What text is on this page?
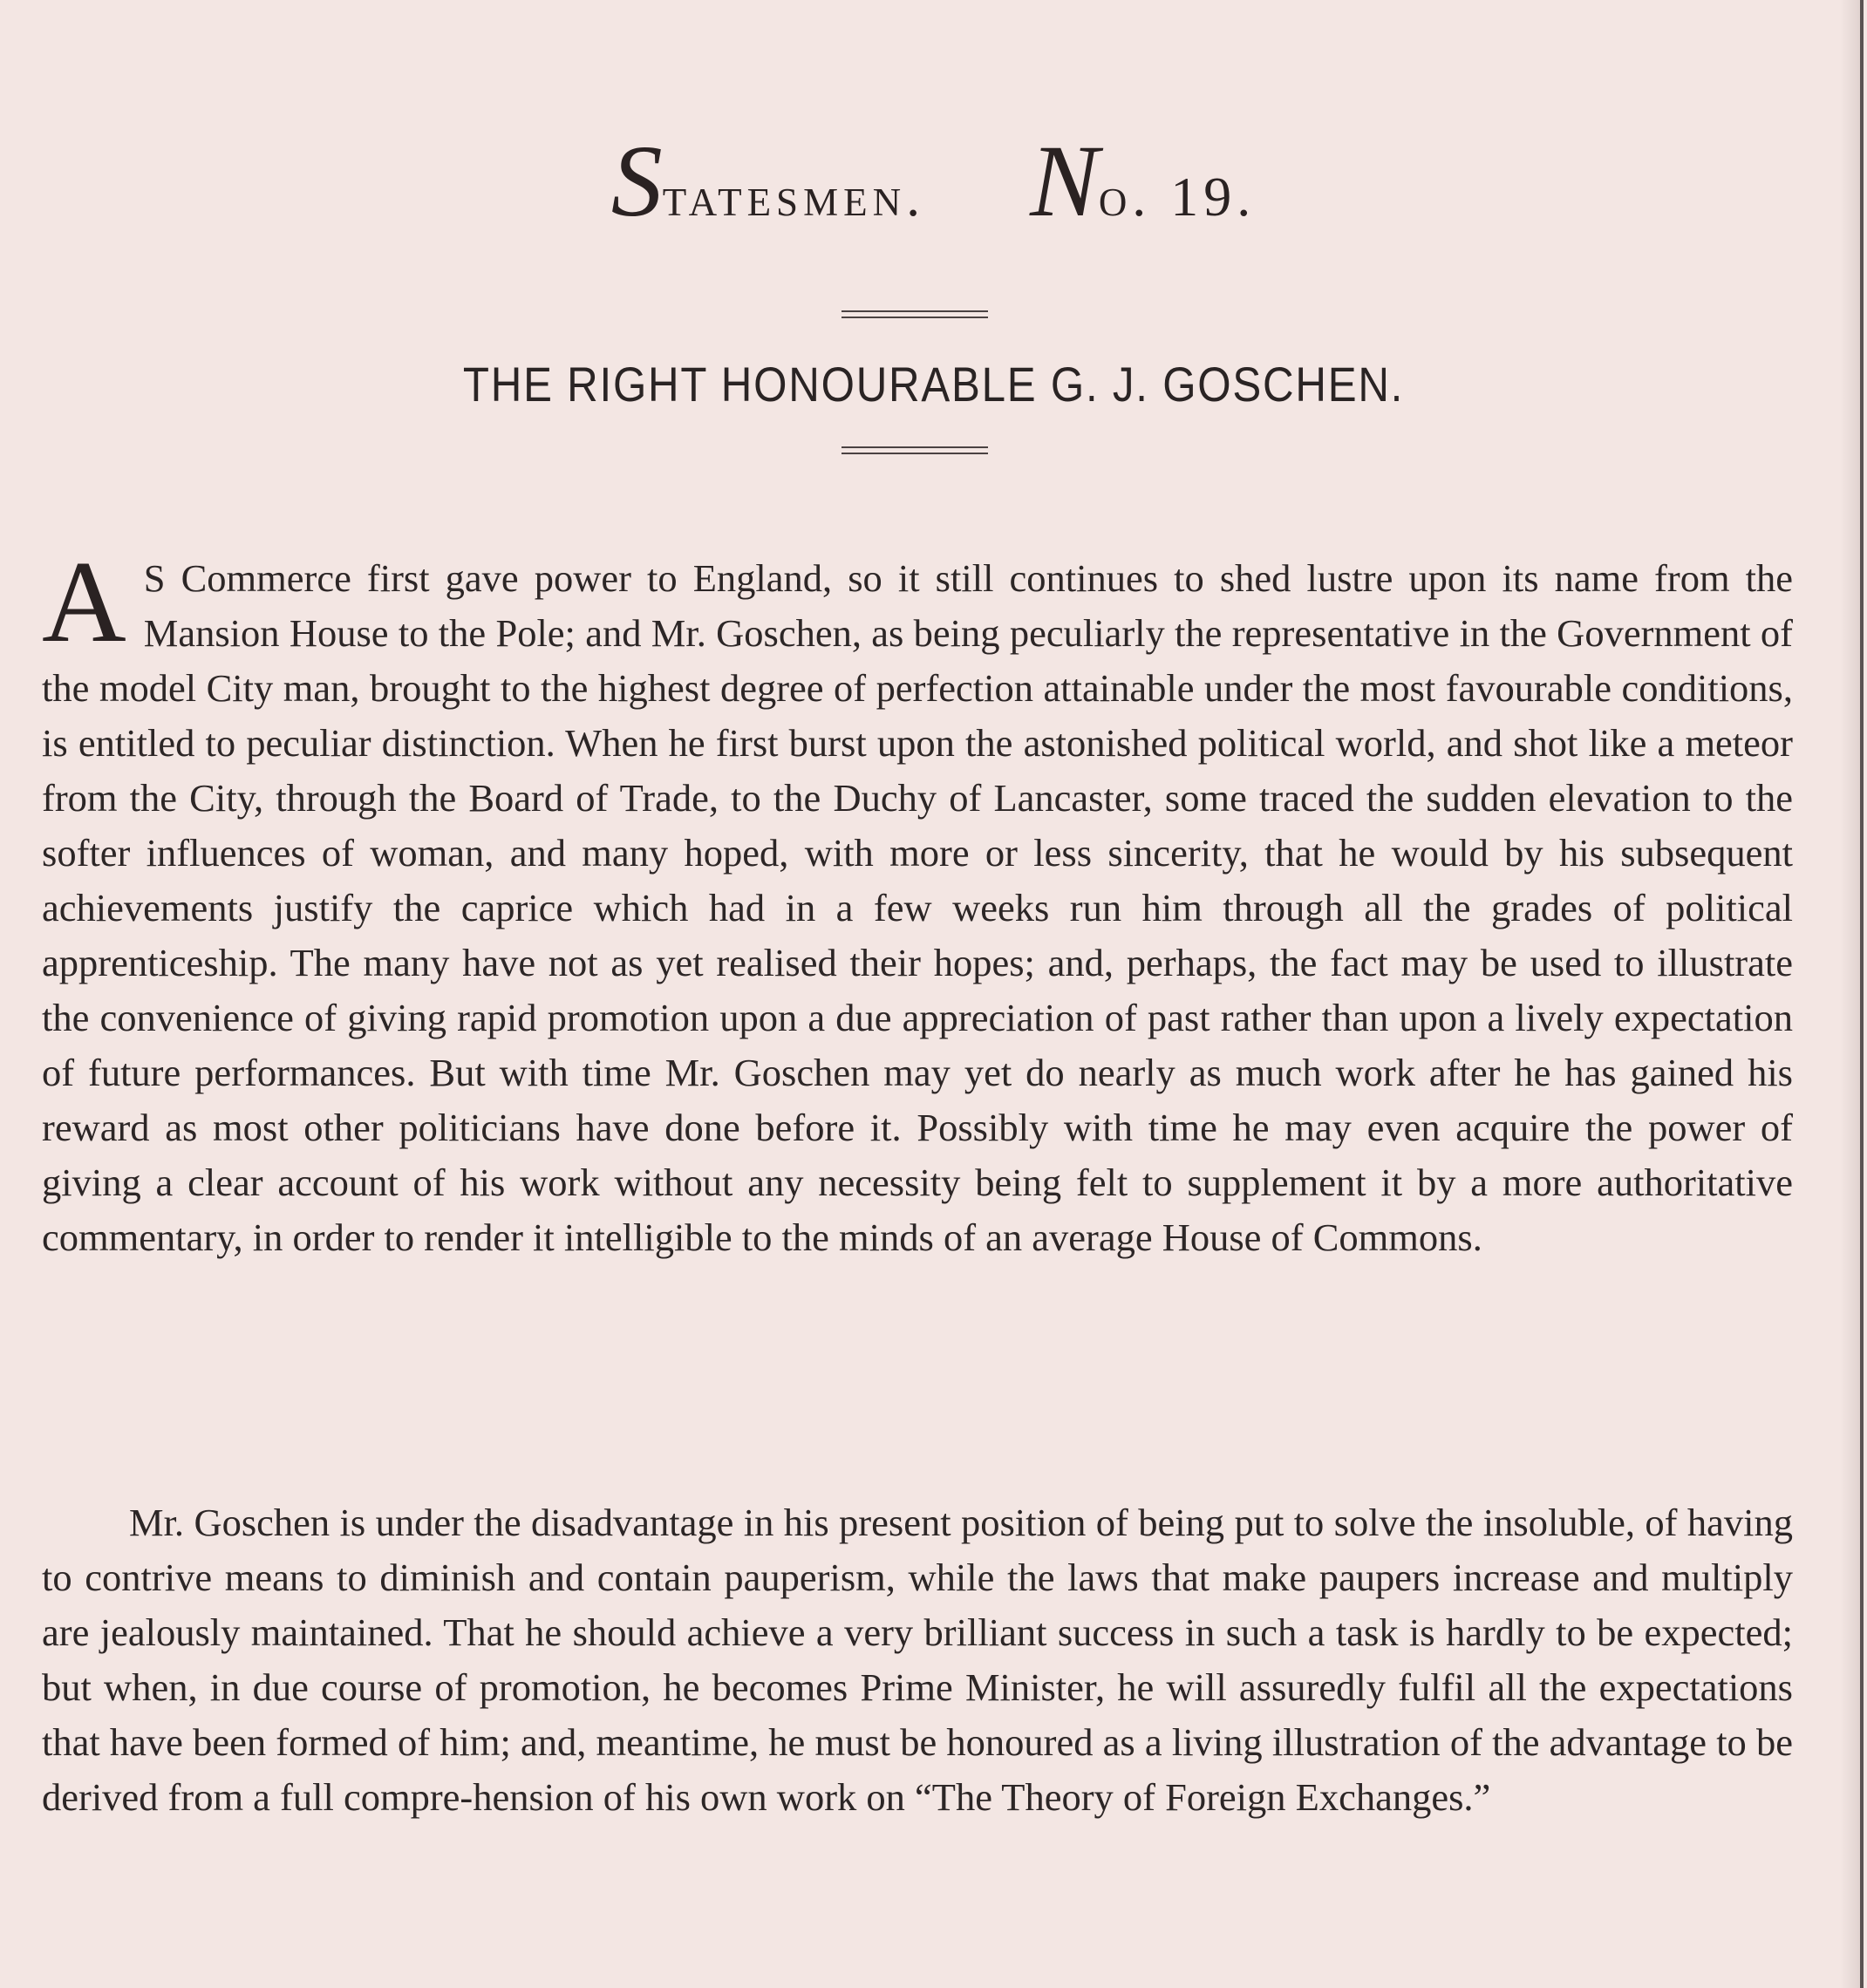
Statesmen. No. 19.
THE RIGHT HONOURABLE G. J. GOSCHEN.

A S Commerce first gave power to England, so it still continues to shed lustre upon its name from the Mansion House to the Pole; and Mr. Goschen, as being peculiarly the representative in the Government of the model City man, brought to the highest degree of perfection attainable under the most favourable conditions, is entitled to peculiar distinction. When he first burst upon the astonished political world, and shot like a meteor from the City, through the Board of Trade, to the Duchy of Lancaster, some traced the sudden elevation to the softer influences of woman, and many hoped, with more or less sincerity, that he would by his subsequent achievements justify the caprice which had in a few weeks run him through all the grades of political apprenticeship. The many have not as yet realised their hopes; and, perhaps, the fact may be used to illustrate the convenience of giving rapid promotion upon a due appreciation of past rather than upon a lively expectation of future performances. But with time Mr. Goschen may yet do nearly as much work after he has gained his reward as most other politicians have done before it. Possibly with time he may even acquire the power of giving a clear account of his work without any necessity being felt to supplement it by a more authoritative commentary, in order to render it intelligible to the minds of an average House of Commons.

Mr. Goschen is under the disadvantage in his present position of being put to solve the insoluble, of having to contrive means to diminish and contain pauperism, while the laws that make paupers increase and multiply are jealously maintained. That he should achieve a very brilliant success in such a task is hardly to be expected; but when, in due course of promotion, he becomes Prime Minister, he will assuredly fulfil all the expectations that have been formed of him; and, meantime, he must be honoured as a living illustration of the advantage to be derived from a full compre-hension of his own work on “The Theory of Foreign Exchanges.”
